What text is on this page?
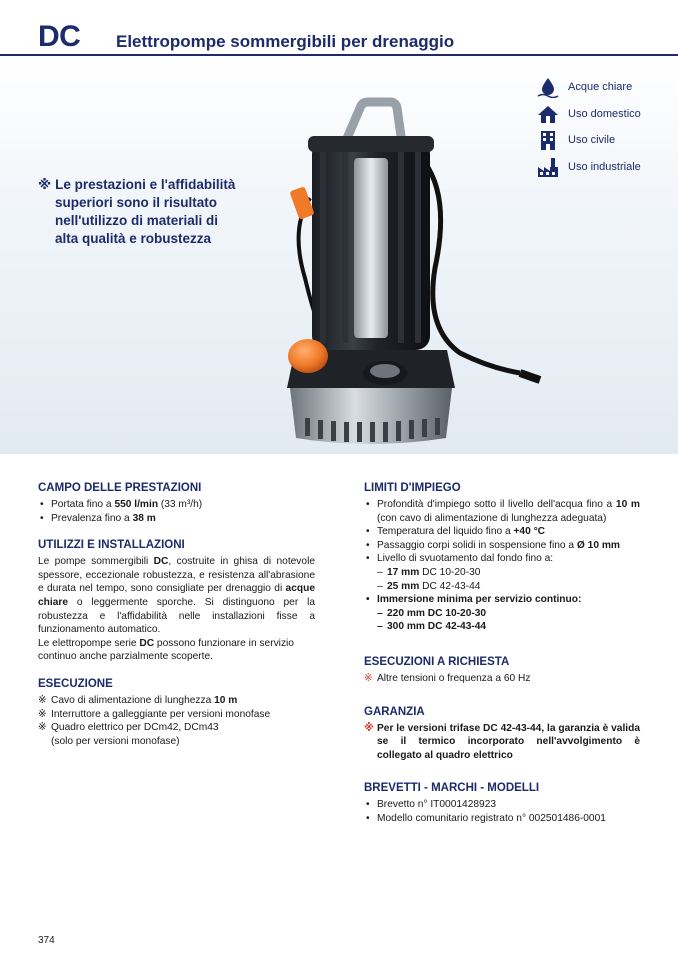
DC Elettropompe sommergibili per drenaggio
※ Le prestazioni e l'affidabilità
superiori sono il risultato
nell'utilizzo di materiali di
alta qualità e robustezza
Acque chiare
Uso domestico
Uso civile
Uso industriale
CAMPO DELLE PRESTAZIONI
• Portata fino a 550 l/min (33 m³/h)
• Prevalenza fino a 38 m
UTILIZZI E INSTALLAZIONI

Le pompe sommergibili DC, costruite in ghisa di notevole spessore, eccezionale robustezza, e resistenza all'abrasione e durata nel tempo, sono consigliate per drenaggio di acque chiare o leggermente sporche. Si distinguono per la robustezza e l'affidabilità nelle installazioni fisse a funzionamento automatico.

Le elettropompe serie DC possono funzionare in servizio continuo anche parzialmente scoperte.

ESECUZIONE
※ Cavo di alimentazione di lunghezza 10 m
※ Interruttore a galleggiante per versioni monofase
※ Quadro elettrico per DCm42, DCm43
(solo per versioni monofase)
LIMITI D'IMPIEGO
• Profondità d'impiego sotto il livello dell'acqua fino a 10 m (con cavo di alimentazione di lunghezza adeguata)
• Temperatura del liquido fino a +40 °C
• Passaggio corpi solidi in sospensione fino a Ø 10 mm
• Livello di svuotamento dal fondo fino a:
– 17 mm DC 10-20-30
– 25 mm DC 42-43-44
• Immersione minima per servizio continuo:
– 220 mm DC 10-20-30
– 300 mm DC 42-43-44
ESECUZIONI A RICHIESTA
※ Altre tensioni o frequenza a 60 Hz
GARANZIA
※ Per le versioni trifase DC 42-43-44, la garanzia è valida se il termico incorporato nell'avvolgimento è collegato al quadro elettrico
BREVETTI - MARCHI - MODELLI
• Brevetto n° IT0001428923
• Modello comunitario registrato n° 002501486-0001
374
